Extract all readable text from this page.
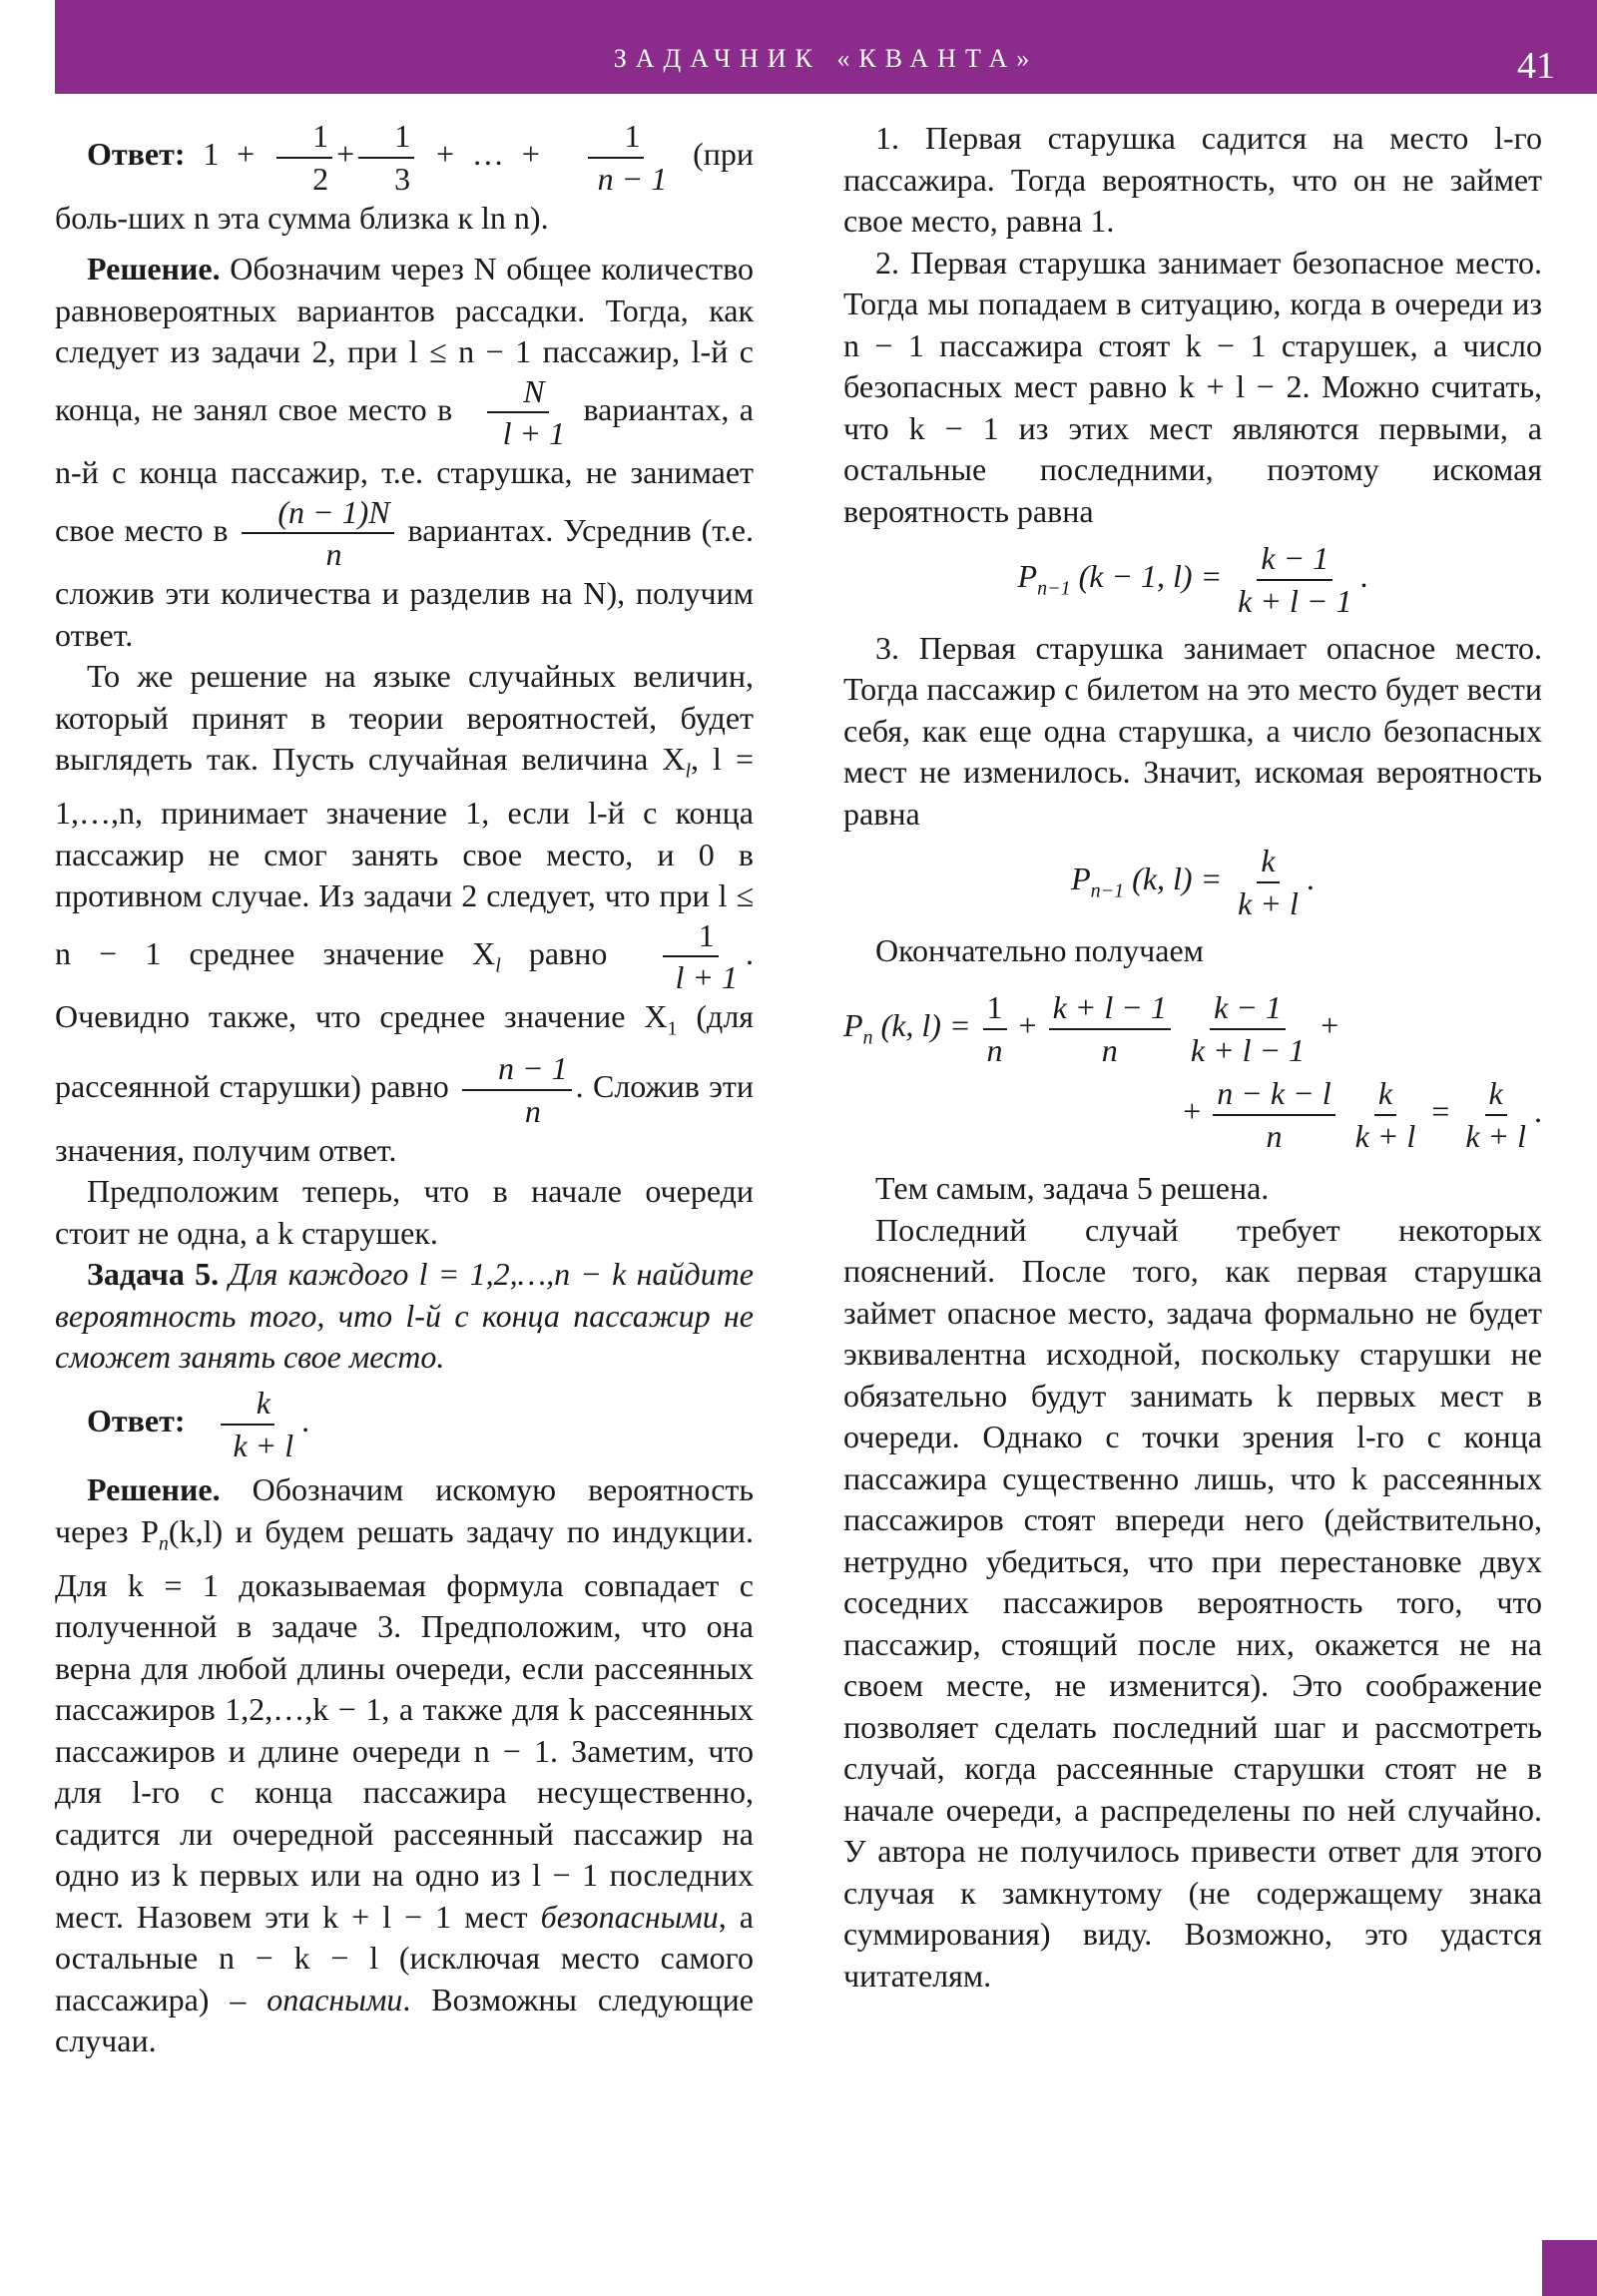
ЗАДАЧНИК «КВАНТА»	41

Ответ: $1 + \frac{1}{2} + \frac{1}{3}$ + … + $\frac{1}{n - 1} (при$ боль-ших n эта сумма близка к ln n).

Решение. Обозначим через N общее количество равновероятных вариантов рассадки. Тогда, как следует из задачи 2, при l ≤ n − 1 пассажир, l-й с конца, не занял свое место в $\frac{N}{l + 1}$ вариантах, а n-й с конца пассажир, т.е. старушка, не занимает свое место в $\frac{(n - 1)N}{n}$ вариантах. Усреднив (т.е. сложив эти количества и разделив на N), получим ответ.

То же решение на языке случайных величин, который принят в теории вероятностей, будет выглядеть так. Пусть случайная величина $X_l$, l = 1,…,n, принимает значение 1, если l-й с конца пассажир не смог занять свое место, и 0 в противном случае. Из задачи 2 следует, что при l ≤ n − 1 среднее значение $X_l$ равно $\frac{1}{l + 1}$ . Очевидно также, что среднее значение $X_1$ (для рассеянной старушки) равно $\frac{n - 1}{n}$ . Сложив эти значения, получим ответ.

Предположим теперь, что в начале очереди стоит не одна, а k старушек.

Задача 5. Для каждого l = 1,2,…,n − k найдите вероятность того, что l-й с конца пассажир не сможет занять свое место.

Ответ: $\frac{k}{k + l}$ .

Решение. Обозначим искомую вероятность через $P_n(k,l)$ и будем решать задачу по индукции. Для k = 1 доказываемая формула совпадает с полученной в задаче 3. Предположим, что она верна для любой длины очереди, если рассеянных пассажиров 1,2,…,k − 1, а также для k рассеянных пассажиров и длине очереди n − 1. Заметим, что для l-го с конца пассажира несущественно, садится ли очередной рассеянный пассажир на одно из k первых или на одно из l − 1 последних мест. Назовем эти k + l − 1 мест безопасными, а остальные n − k − l (исключая место самого пассажира) – опасными. Возможны следующие случаи.

1. Первая старушка садится на место l-го пассажира. Тогда вероятность, что он не займет свое место, равна 1.

2. Первая старушка занимает безопасное место. Тогда мы попадаем в ситуацию, когда в очереди из n − 1 пассажира стоят k − 1 старушек, а число безопасных мест равно k + l − 2. Можно считать, что k − 1 из этих мест являются первыми, а остальные последними, поэтому искомая вероятность равна

$P_{n-1}$ (k − 1, $l) = \frac{k - 1}{k + l - 1}$ .

3. Первая старушка занимает опасное место. Тогда пассажир с билетом на это место будет вести себя, как еще одна старушка, а число безопасных мест не изменилось. Значит, искомая вероятность равна

$P_{n-1}$ (k, $l) = \frac{k}{k + l}$ .

Окончательно получаем

$P_n$ (k, $l) = \frac{1}{n} + \frac{k + l - 1}{n}$
$\frac{k - 1}{k + l - 1}$ +
+ $\frac{n - k - l}{n}$
$\frac{k}{k + l} = \frac{k}{k + l}$ .

Тем самым, задача 5 решена.

Последний случай требует некоторых пояснений. После того, как первая старушка займет опасное место, задача формально не будет эквивалентна исходной, поскольку старушки не обязательно будут занимать k первых мест в очереди. Однако с точки зрения l-го с конца пассажира существенно лишь, что k рассеянных пассажиров стоят впереди него (действительно, нетрудно убедиться, что при перестановке двух соседних пассажиров вероятность того, что пассажир, стоящий после них, окажется не на своем месте, не изменится). Это соображение позволяет сделать последний шаг и рассмотреть случай, когда рассеянные старушки стоят не в начале очереди, а распределены по ней случайно. У автора не получилось привести ответ для этого случая к замкнутому (не содержащему знака суммирования) виду. Возможно, это удастся читателям.
